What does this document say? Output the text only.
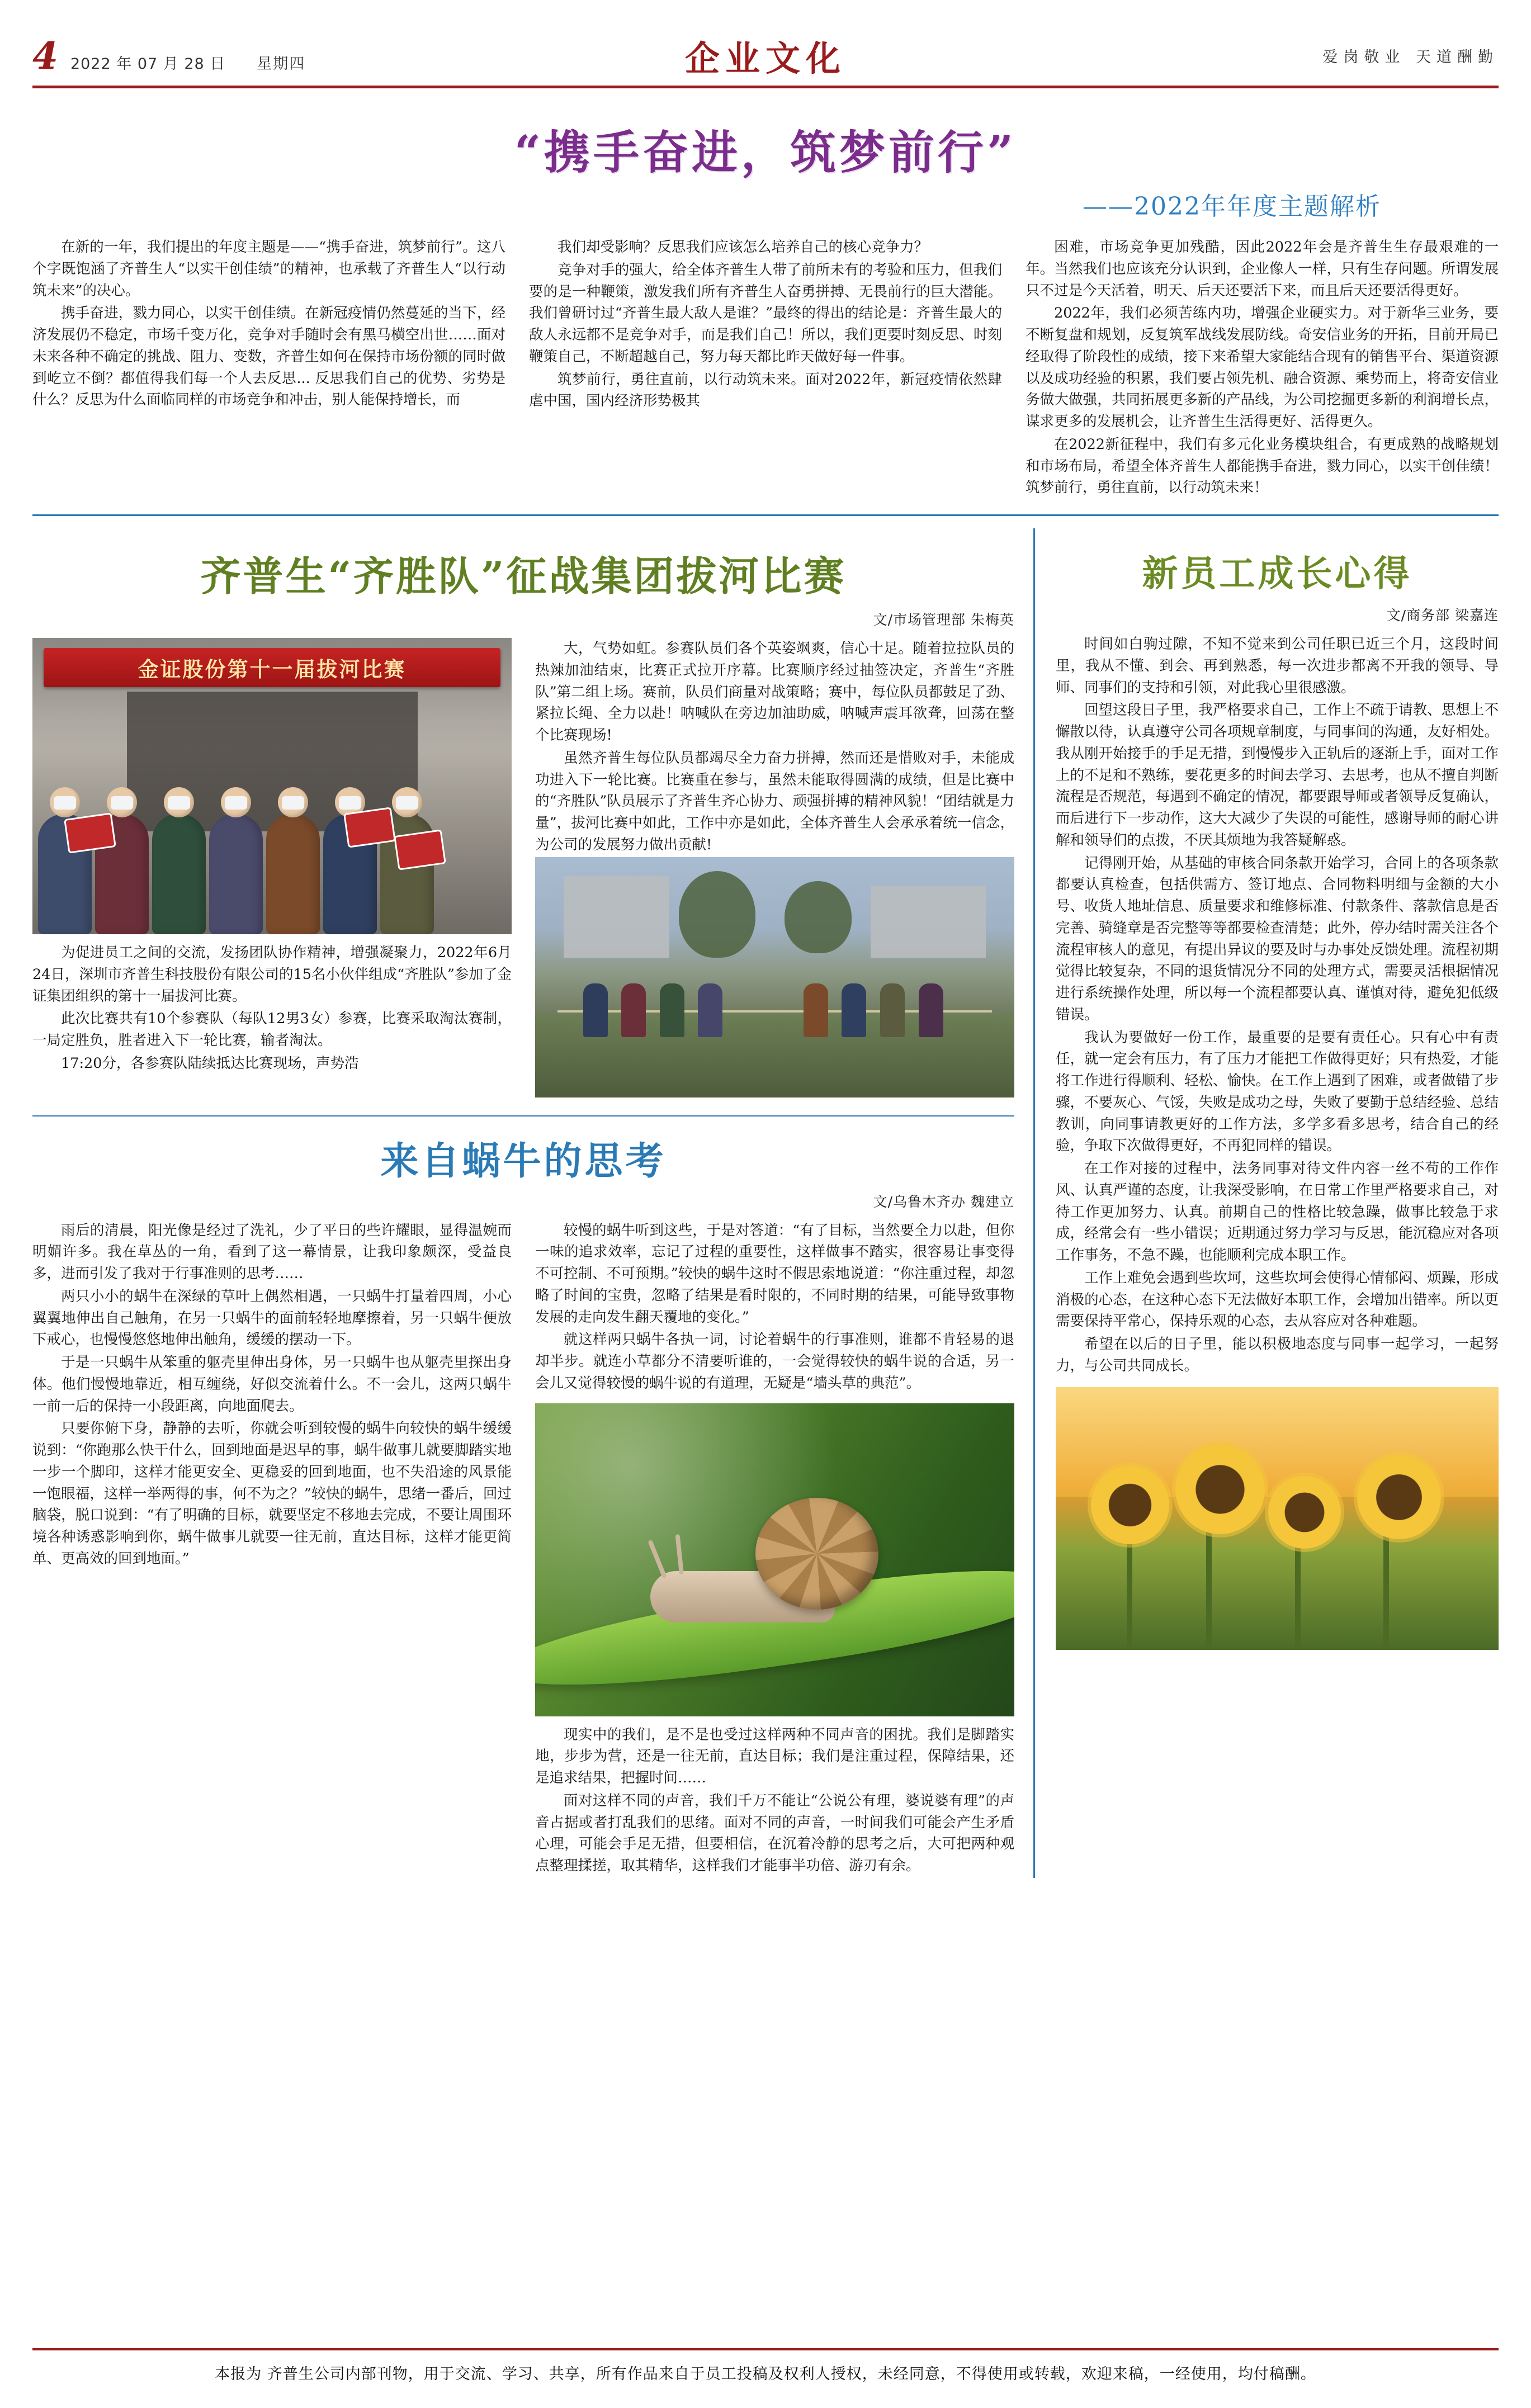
4 2022 年 07 月 28 日 星期四	企业文化	爱岗敬业 天道酬勤
“携手奋进，筑梦前行”
——2022年年度主题解析

在新的一年，我们提出的年度主题是——“携手奋进，筑梦前行”。这八个字既饱涵了齐普生人“以实干创佳绩”的精神，也承载了齐普生人“以行动筑未来”的决心。

携手奋进，戮力同心，以实干创佳绩。在新冠疫情仍然蔓延的当下，经济发展仍不稳定，市场千变万化，竞争对手随时会有黑马横空出世……面对未来各种不确定的挑战、阻力、变数，齐普生如何在保持市场份额的同时做到屹立不倒？都值得我们每一个人去反思... 反思我们自己的优势、劣势是什么？反思为什么面临同样的市场竞争和冲击，别人能保持增长，而

我们却受影响？反思我们应该怎么培养自己的核心竞争力？

竞争对手的强大，给全体齐普生人带了前所未有的考验和压力，但我们要的是一种鞭策，激发我们所有齐普生人奋勇拼搏、无畏前行的巨大潜能。我们曾研讨过“齐普生最大敌人是谁？”最终的得出的结论是：齐普生最大的敌人永远都不是竞争对手，而是我们自己！所以，我们更要时刻反思、时刻鞭策自己，不断超越自己，努力每天都比昨天做好每一件事。

筑梦前行，勇往直前，以行动筑未来。面对2022年，新冠疫情依然肆虐中国，国内经济形势极其

困难，市场竞争更加残酷，因此2022年会是齐普生生存最艰难的一年。当然我们也应该充分认识到，企业像人一样，只有生存问题。所谓发展只不过是今天活着，明天、后天还要活下来，而且后天还要活得更好。

2022年，我们必须苦练内功，增强企业硬实力。对于新华三业务，要不断复盘和规划，反复筑军战线发展防线。奇安信业务的开拓，目前开局已经取得了阶段性的成绩，接下来希望大家能结合现有的销售平台、渠道资源以及成功经验的积累，我们要占领先机、融合资源、乘势而上，将奇安信业务做大做强，共同拓展更多新的产品线，为公司挖掘更多新的利润增长点，谋求更多的发展机会，让齐普生生活得更好、活得更久。

在2022新征程中，我们有多元化业务模块组合，有更成熟的战略规划和市场布局，希望全体齐普生人都能携手奋进，戮力同心，以实干创佳绩！筑梦前行，勇往直前，以行动筑未来！

齐普生“齐胜队”征战集团拔河比赛
文/市场管理部 朱梅英
金证股份第十一届拔河比赛

为促进员工之间的交流，发扬团队协作精神，增强凝聚力，2022年6月24日，深圳市齐普生科技股份有限公司的15名小伙伴组成“齐胜队”参加了金证集团组织的第十一届拔河比赛。

此次比赛共有10个参赛队（每队12男3女）参赛，比赛采取淘汰赛制，一局定胜负，胜者进入下一轮比赛，输者淘汰。

17:20分，各参赛队陆续抵达比赛现场，声势浩

大，气势如虹。参赛队员们各个英姿飒爽，信心十足。随着拉拉队员的热辣加油结束，比赛正式拉开序幕。比赛顺序经过抽签决定，齐普生“齐胜队”第二组上场。赛前，队员们商量对战策略；赛中，每位队员都鼓足了劲、紧拉长绳、全力以赴！呐喊队在旁边加油助威，呐喊声震耳欲聋，回荡在整个比赛现场!

虽然齐普生每位队员都竭尽全力奋力拼搏，然而还是惜败对手，未能成功进入下一轮比赛。比赛重在参与，虽然未能取得圆满的成绩，但是比赛中的“齐胜队”队员展示了齐普生齐心协力、顽强拼搏的精神风貌！“团结就是力量”，拔河比赛中如此，工作中亦是如此，全体齐普生人会承承着统一信念，为公司的发展努力做出贡献!

来自蜗牛的思考
文/乌鲁木齐办 魏建立

雨后的清晨，阳光像是经过了洗礼，少了平日的些许耀眼，显得温婉而明媚许多。我在草丛的一角，看到了这一幕情景，让我印象颇深，受益良多，进而引发了我对于行事准则的思考……

两只小小的蜗牛在深绿的草叶上偶然相遇，一只蜗牛打量着四周，小心翼翼地伸出自己触角，在另一只蜗牛的面前轻轻地摩擦着，另一只蜗牛便放下戒心，也慢慢悠悠地伸出触角，缓缓的摆动一下。

于是一只蜗牛从笨重的躯壳里伸出身体，另一只蜗牛也从躯壳里探出身体。他们慢慢地靠近，相互缠绕，好似交流着什么。不一会儿，这两只蜗牛一前一后的保持一小段距离，向地面爬去。

只要你俯下身，静静的去听，你就会听到较慢的蜗牛向较快的蜗牛缓缓说到：“你跑那么快干什么，回到地面是迟早的事，蜗牛做事儿就要脚踏实地一步一个脚印，这样才能更安全、更稳妥的回到地面，也不失沿途的风景能一饱眼福，这样一举两得的事，何不为之？”较快的蜗牛，思绪一番后，回过脑袋，脱口说到：“有了明确的目标，就要坚定不移地去完成，不要让周围环境各种诱惑影响到你，蜗牛做事儿就要一往无前，直达目标，这样才能更简单、更高效的回到地面。”

较慢的蜗牛听到这些，于是对答道：“有了目标，当然要全力以赴，但你一味的追求效率，忘记了过程的重要性，这样做事不踏实，很容易让事变得不可控制、不可预期。”较快的蜗牛这时不假思索地说道：“你注重过程，却忽略了时间的宝贵，忽略了结果是看时限的，不同时期的结果，可能导致事物发展的走向发生翻天覆地的变化。”

就这样两只蜗牛各执一词，讨论着蜗牛的行事准则，谁都不肯轻易的退却半步。就连小草都分不清要听谁的，一会觉得较快的蜗牛说的合适，另一会儿又觉得较慢的蜗牛说的有道理，无疑是“墙头草的典范”。

现实中的我们，是不是也受过这样两种不同声音的困扰。我们是脚踏实地，步步为营，还是一往无前，直达目标；我们是注重过程，保障结果，还是追求结果，把握时间……

面对这样不同的声音，我们千万不能让“公说公有理，婆说婆有理”的声音占据或者打乱我们的思绪。面对不同的声音，一时间我们可能会产生矛盾心理，可能会手足无措，但要相信，在沉着冷静的思考之后，大可把两种观点整理揉搓，取其精华，这样我们才能事半功倍、游刃有余。

新员工成长心得
文/商务部 梁嘉连

时间如白驹过隙，不知不觉来到公司任职已近三个月，这段时间里，我从不懂、到会、再到熟悉，每一次进步都离不开我的领导、导师、同事们的支持和引领，对此我心里很感激。

回望这段日子里，我严格要求自己，工作上不疏于请教、思想上不懈散以待，认真遵守公司各项规章制度，与同事间的沟通，友好相处。我从刚开始接手的手足无措，到慢慢步入正轨后的逐渐上手，面对工作上的不足和不熟练，要花更多的时间去学习、去思考，也从不擅自判断流程是否规范，每遇到不确定的情况，都要跟导师或者领导反复确认，而后进行下一步动作，这大大减少了失误的可能性，感谢导师的耐心讲解和领导们的点拨，不厌其烦地为我答疑解惑。

记得刚开始，从基础的审核合同条款开始学习，合同上的各项条款都要认真检查，包括供需方、签订地点、合同物料明细与金额的大小号、收货人地址信息、质量要求和维修标准、付款条件、落款信息是否完善、骑缝章是否完整等等都要检查清楚；此外，停办结时需关注各个流程审核人的意见，有提出异议的要及时与办事处反馈处理。流程初期觉得比较复杂，不同的退货情况分不同的处理方式，需要灵活根据情况进行系统操作处理，所以每一个流程都要认真、谨慎对待，避免犯低级错误。

我认为要做好一份工作，最重要的是要有责任心。只有心中有责任，就一定会有压力，有了压力才能把工作做得更好；只有热爱，才能将工作进行得顺利、轻松、愉快。在工作上遇到了困难，或者做错了步骤，不要灰心、气馁，失败是成功之母，失败了要勤于总结经验、总结教训，向同事请教更好的工作方法，多学多看多思考，结合自己的经验，争取下次做得更好，不再犯同样的错误。

在工作对接的过程中，法务同事对待文件内容一丝不苟的工作作风、认真严谨的态度，让我深受影响，在日常工作里严格要求自己，对待工作更加努力、认真。前期自己的性格比较急躁，做事比较急于求成，经常会有一些小错误；近期通过努力学习与反思，能沉稳应对各项工作事务，不急不躁，也能顺利完成本职工作。

工作上难免会遇到些坎坷，这些坎坷会使得心情郁闷、烦躁，形成消极的心态，在这种心态下无法做好本职工作，会增加出错率。所以更需要保持平常心，保持乐观的心态，去从容应对各种难题。

希望在以后的日子里，能以积极地态度与同事一起学习，一起努力，与公司共同成长。

本报为 齐普生公司内部刊物，用于交流、学习、共享，所有作品来自于员工投稿及权利人授权，未经同意，不得使用或转载，欢迎来稿，一经使用，均付稿酬。
